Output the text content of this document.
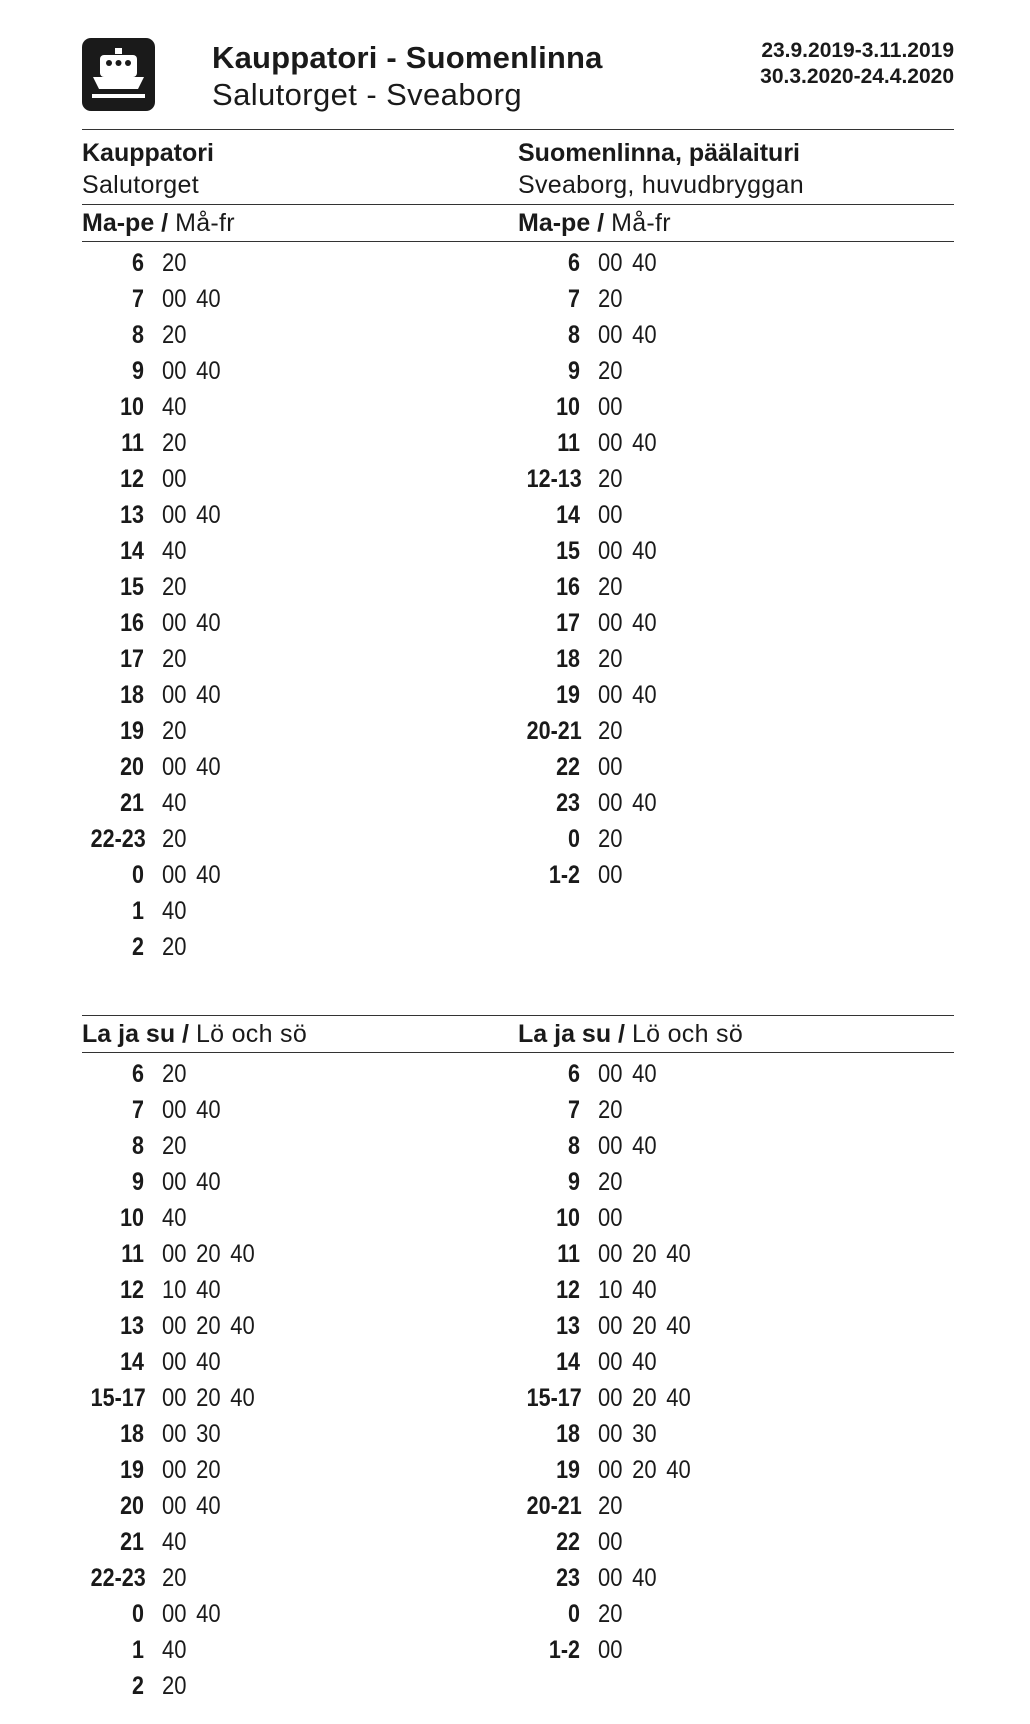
Kauppatori - Suomenlinna
Salutorget - Sveaborg
23.9.2019-3.11.2019
30.3.2020-24.4.2020
Kauppatori
Salutorget
Suomenlinna, päälaituri
Sveaborg, huvudbryggan
Ma-pe / Må-fr	Ma-pe / Må-fr
La ja su / Lö och sö	La ja su / Lö och sö
6 20
7 00 40
8 20
9 00 40
10 40
11 20
12 00
13 00 40
14 40
15 20
16 00 40
17 20
18 00 40
19 20
20 00 40
21 40
22-23 20
0 00 40
1 40
2 20
6 00 40
7 20
8 00 40
9 20
10 00
11 00 40
12-13 20
14 00
15 00 40
16 20
17 00 40
18 20
19 00 40
20-21 20
22 00
23 00 40
0 20
1-2 00
6 20
7 00 40
8 20
9 00 40
10 40
11 00 20 40
12 10 40
13 00 20 40
14 00 40
15-17 00 20 40
18 00 30
19 00 20
20 00 40
21 40
22-23 20
0 00 40
1 40
2 20
6 00 40
7 20
8 00 40
9 20
10 00
11 00 20 40
12 10 40
13 00 20 40
14 00 40
15-17 00 20 40
18 00 30
19 00 20 40
20-21 20
22 00
23 00 40
0 20
1-2 00
